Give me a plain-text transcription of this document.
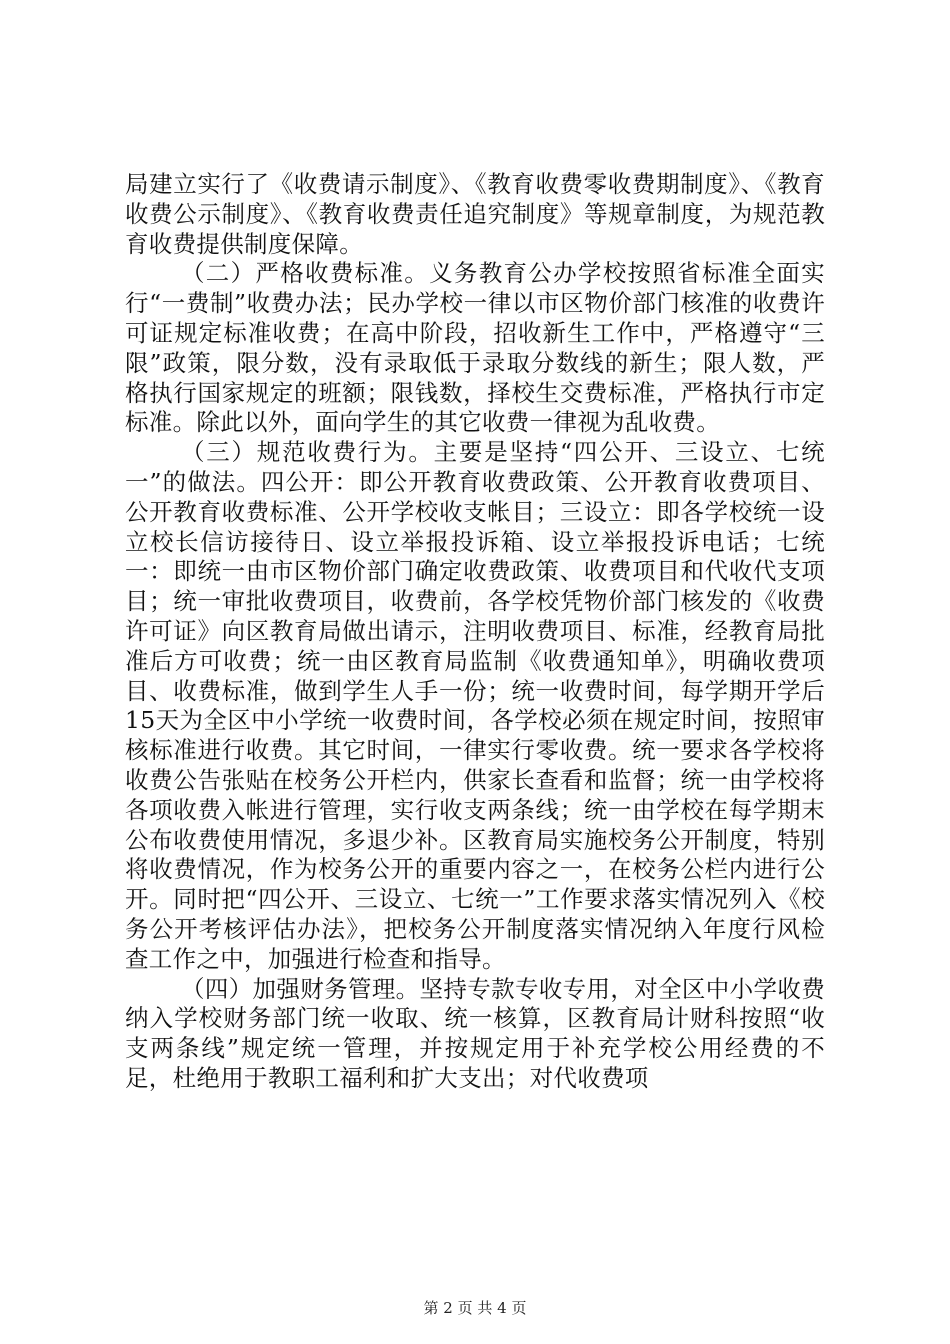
局建立实行了《收费请示制度》、《教育收费零收费期制度》、《教育收费公示制度》、《教育收费责任追究制度》等规章制度，为规范教育收费提供制度保障。

（二）严格收费标准。义务教育公办学校按照省标准全面实行“一费制”收费办法；民办学校一律以市区物价部门核准的收费许可证规定标准收费；在高中阶段，招收新生工作中，严格遵守“三限”政策，限分数，没有录取低于录取分数线的新生；限人数，严格执行国家规定的班额；限钱数，择校生交费标准，严格执行市定标准。除此以外，面向学生的其它收费一律视为乱收费。

（三）规范收费行为。主要是坚持“四公开、三设立、七统一”的做法。四公开：即公开教育收费政策、公开教育收费项目、公开教育收费标准、公开学校收支帐目；三设立：即各学校统一设立校长信访接待日、设立举报投诉箱、设立举报投诉电话；七统一：即统一由市区物价部门确定收费政策、收费项目和代收代支项目；统一审批收费项目，收费前，各学校凭物价部门核发的《收费许可证》向区教育局做出请示，注明收费项目、标准，经教育局批准后方可收费；统一由区教育局监制《收费通知单》，明确收费项目、收费标准，做到学生人手一份；统一收费时间，每学期开学后15天为全区中小学统一收费时间，各学校必须在规定时间，按照审核标准进行收费。其它时间，一律实行零收费。统一要求各学校将收费公告张贴在校务公开栏内，供家长查看和监督；统一由学校将各项收费入帐进行管理，实行收支两条线；统一由学校在每学期末公布收费使用情况，多退少补。区教育局实施校务公开制度，特别将收费情况，作为校务公开的重要内容之一，在校务公栏内进行公开。同时把“四公开、三设立、七统一”工作要求落实情况列入《校务公开考核评估办法》，把校务公开制度落实情况纳入年度行风检查工作之中，加强进行检查和指导。

（四）加强财务管理。坚持专款专收专用，对全区中小学收费纳入学校财务部门统一收取、统一核算，区教育局计财科按照“收支两条线”规定统一管理，并按规定用于补充学校公用经费的不足，杜绝用于教职工福利和扩大支出；对代收费项

第 2 页 共 4 页
